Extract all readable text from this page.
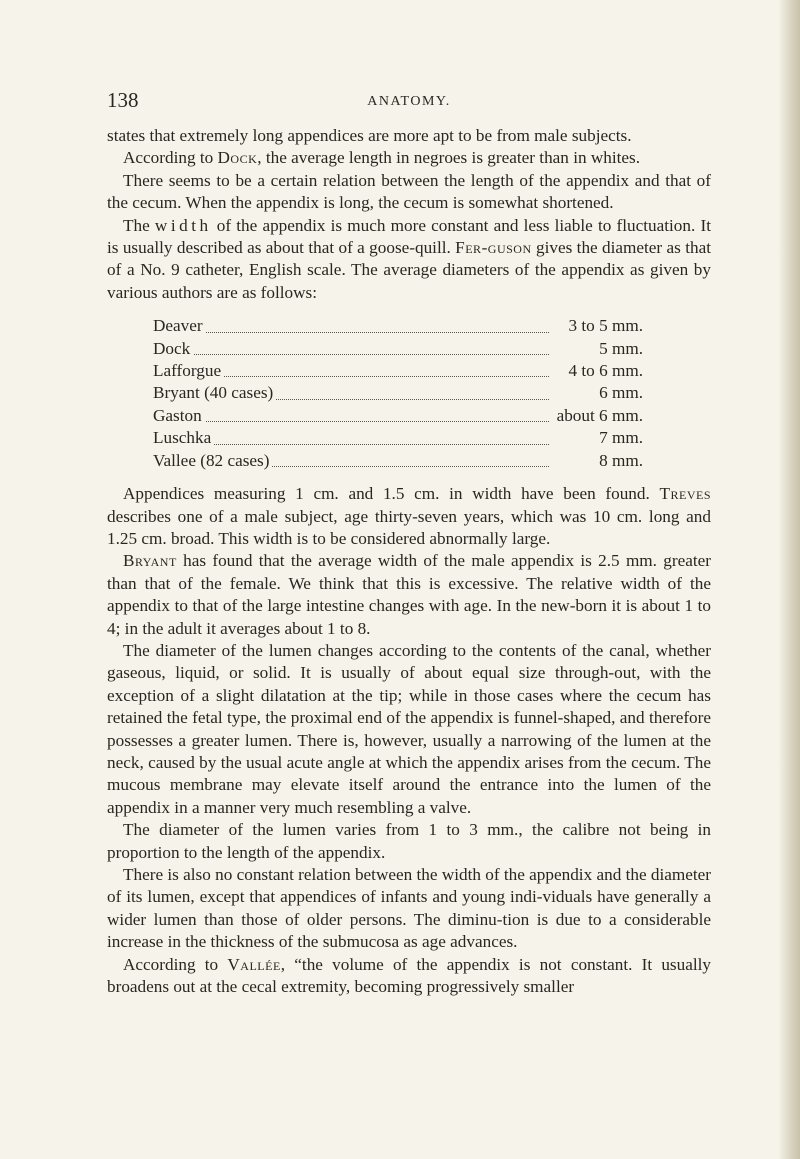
138	ANATOMY.

states that extremely long appendices are more apt to be from male subjects.

According to Dock, the average length in negroes is greater than in whites.

There seems to be a certain relation between the length of the appendix and that of the cecum. When the appendix is long, the cecum is somewhat shortened.

The width of the appendix is much more constant and less liable to fluctuation. It is usually described as about that of a goose-quill. Fer-guson gives the diameter as that of a No. 9 catheter, English scale. The average diameters of the appendix as given by various authors are as follows:

Deaver	3 to 5 mm.
Dock	5 mm.
Lafforgue	4 to 6 mm.
Bryant (40 cases)	6 mm.
Gaston	about 6 mm.
Luschka	7 mm.
Vallee (82 cases)	8 mm.

Appendices measuring 1 cm. and 1.5 cm. in width have been found. Treves describes one of a male subject, age thirty-seven years, which was 10 cm. long and 1.25 cm. broad. This width is to be considered abnormally large.

Bryant has found that the average width of the male appendix is 2.5 mm. greater than that of the female. We think that this is excessive. The relative width of the appendix to that of the large intestine changes with age. In the new-born it is about 1 to 4; in the adult it averages about 1 to 8.

The diameter of the lumen changes according to the contents of the canal, whether gaseous, liquid, or solid. It is usually of about equal size through-out, with the exception of a slight dilatation at the tip; while in those cases where the cecum has retained the fetal type, the proximal end of the appendix is funnel-shaped, and therefore possesses a greater lumen. There is, however, usually a narrowing of the lumen at the neck, caused by the usual acute angle at which the appendix arises from the cecum. The mucous membrane may elevate itself around the entrance into the lumen of the appendix in a manner very much resembling a valve.

The diameter of the lumen varies from 1 to 3 mm., the calibre not being in proportion to the length of the appendix.

There is also no constant relation between the width of the appendix and the diameter of its lumen, except that appendices of infants and young indi-viduals have generally a wider lumen than those of older persons. The diminu-tion is due to a considerable increase in the thickness of the submucosa as age advances.

According to Vallée, “the volume of the appendix is not constant. It usually broadens out at the cecal extremity, becoming progressively smaller
